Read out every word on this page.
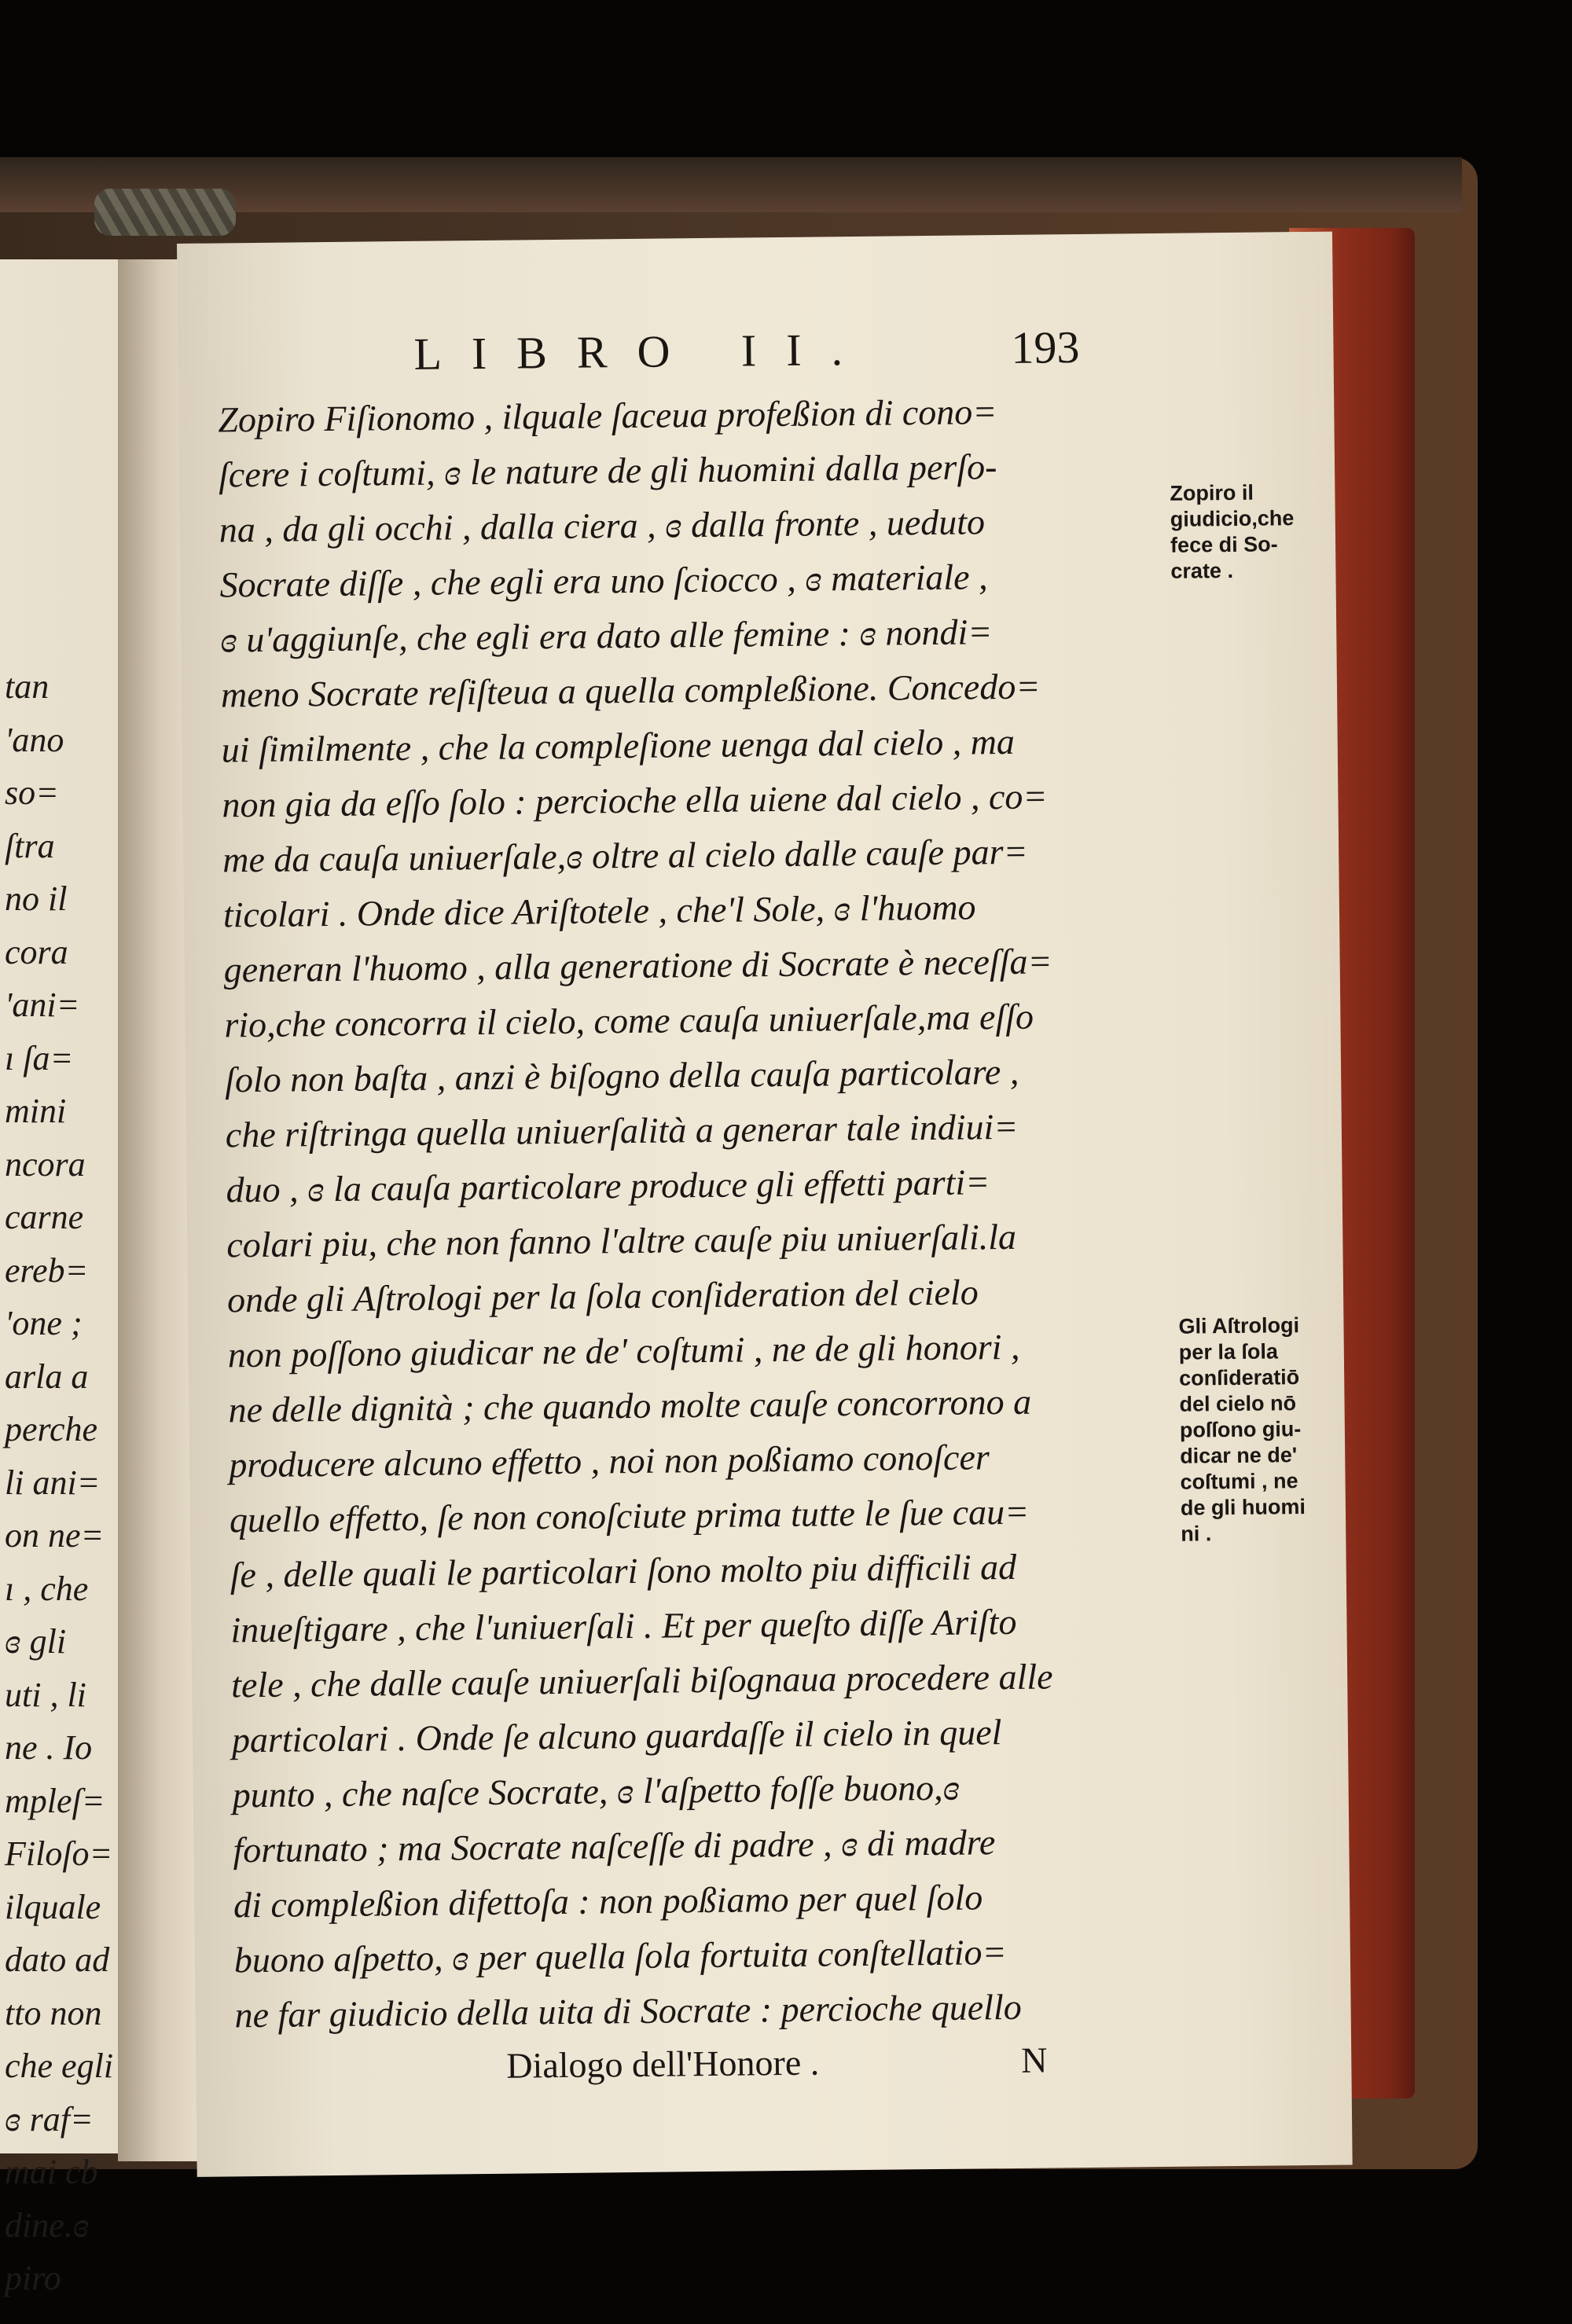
tan
'ano
so=
ſtra
no il
cora
'ani=
ı ſa=
mini
ncora
carne
ereb=
'one ;
arla a
perche
li ani=
on ne=
ı , che
ɞ gli
uti , li
ne . Io
mpleſ=
Filoſo=
ilquale
dato ad
tto non
che egli
ɞ raf=
mai cb
dine.ɞ
piro
LIBRO II.	193
Zopiro Fiſionomo , ilquale ſaceua profeßion di cono=
ſcere i coſtumi, ɞ le nature de gli huomini dalla perſo-
na , da gli occhi , dalla ciera , ɞ dalla fronte , ueduto
Socrate diſſe , che egli era uno ſciocco , ɞ materiale ,
ɞ u'aggiunſe, che egli era dato alle femine : ɞ nondi=
meno Socrate reſiſteua a quella compleßione. Concedo=
ui ſimilmente , che la compleſione uenga dal cielo , ma
non gia da eſſo ſolo : percioche ella uiene dal cielo , co=
me da cauſa uniuerſale,ɞ oltre al cielo dalle cauſe par=
ticolari . Onde dice Ariſtotele , che'l Sole, ɞ l'huomo
generan l'huomo , alla generatione di Socrate è neceſſa=
rio,che concorra il cielo, come cauſa uniuerſale,ma eſſo
ſolo non baſta , anzi è biſogno della cauſa particolare ,
che riſtringa quella uniuerſalità a generar tale indiui=
duo , ɞ la cauſa particolare produce gli effetti parti=
colari piu, che non fanno l'altre cauſe piu uniuerſali.la
onde gli Aſtrologi per la ſola conſideration del cielo
non poſſono giudicar ne de' coſtumi , ne de gli honori ,
ne delle dignità ; che quando molte cauſe concorrono a
producere alcuno effetto , noi non poßiamo conoſcer
quello effetto, ſe non conoſciute prima tutte le ſue cau=
ſe , delle quali le particolari ſono molto piu difficili ad
inueſtigare , che l'uniuerſali . Et per queſto diſſe Ariſto
tele , che dalle cauſe uniuerſali biſognaua procedere alle
particolari . Onde ſe alcuno guardaſſe il cielo in quel
punto , che naſce Socrate, ɞ l'aſpetto foſſe buono,ɞ
fortunato ; ma Socrate naſceſſe di padre , ɞ di madre
di compleßion difettoſa : non poßiamo per quel ſolo
buono aſpetto, ɞ per quella ſola fortuita conſtellatio=
ne far giudicio della uita di Socrate : percioche quello
Dialogo dell'Honore .	N
Zopiro il
giudicio,che
fece di So-
crate .
Gli Aſtrologi
per la ſola
conſideratiō
del cielo nō
poſſono giu-
dicar ne de'
coſtumi , ne
de gli huomi
ni .
